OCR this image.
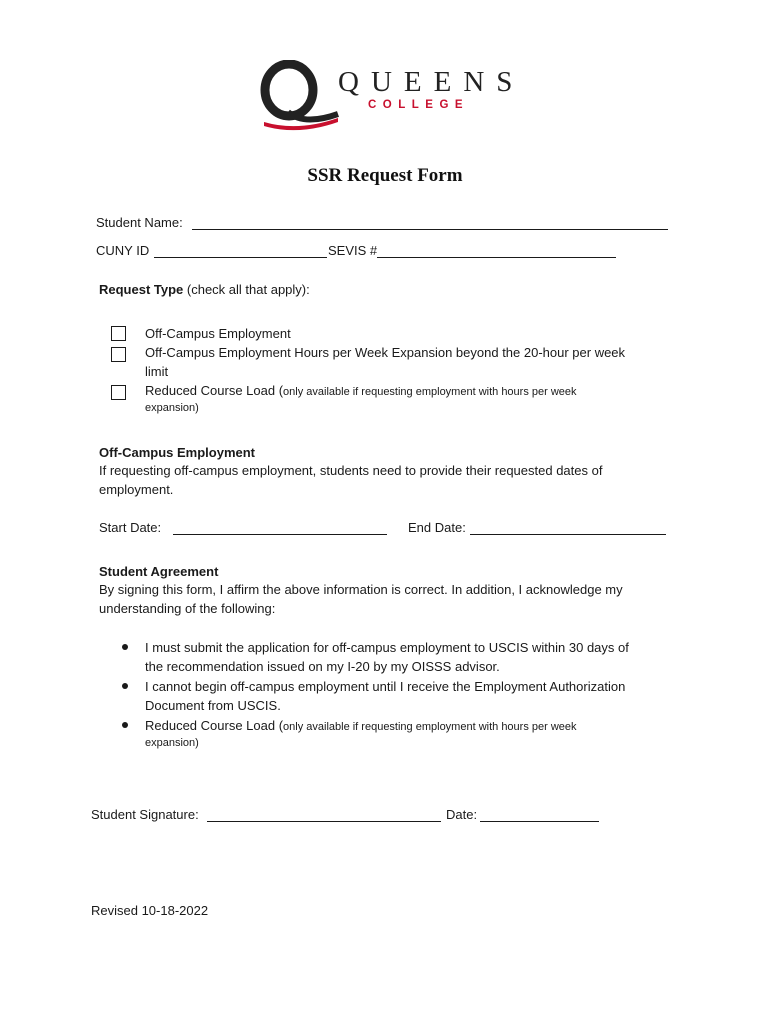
QUEENS
COLLEGE
SSR Request Form
Student Name:
CUNY ID	SEVIS #
Request Type (check all that apply):
Off-Campus Employment
Off-Campus Employment Hours per Week Expansion beyond the 20-hour per week
limit
Reduced Course Load (only available if requesting employment with hours per week
expansion)
Off-Campus Employment
If requesting off-campus employment, students need to provide their requested dates of
employment.
Start Date:	End Date:
Student Agreement
By signing this form, I affirm the above information is correct. In addition, I acknowledge my
understanding of the following:
I must submit the application for off-campus employment to USCIS within 30 days of
the recommendation issued on my I-20 by my OISSS advisor.
I cannot begin off-campus employment until I receive the Employment Authorization
Document from USCIS.
Reduced Course Load (only available if requesting employment with hours per week
expansion)
Student Signature:	Date:
Revised 10-18-2022
